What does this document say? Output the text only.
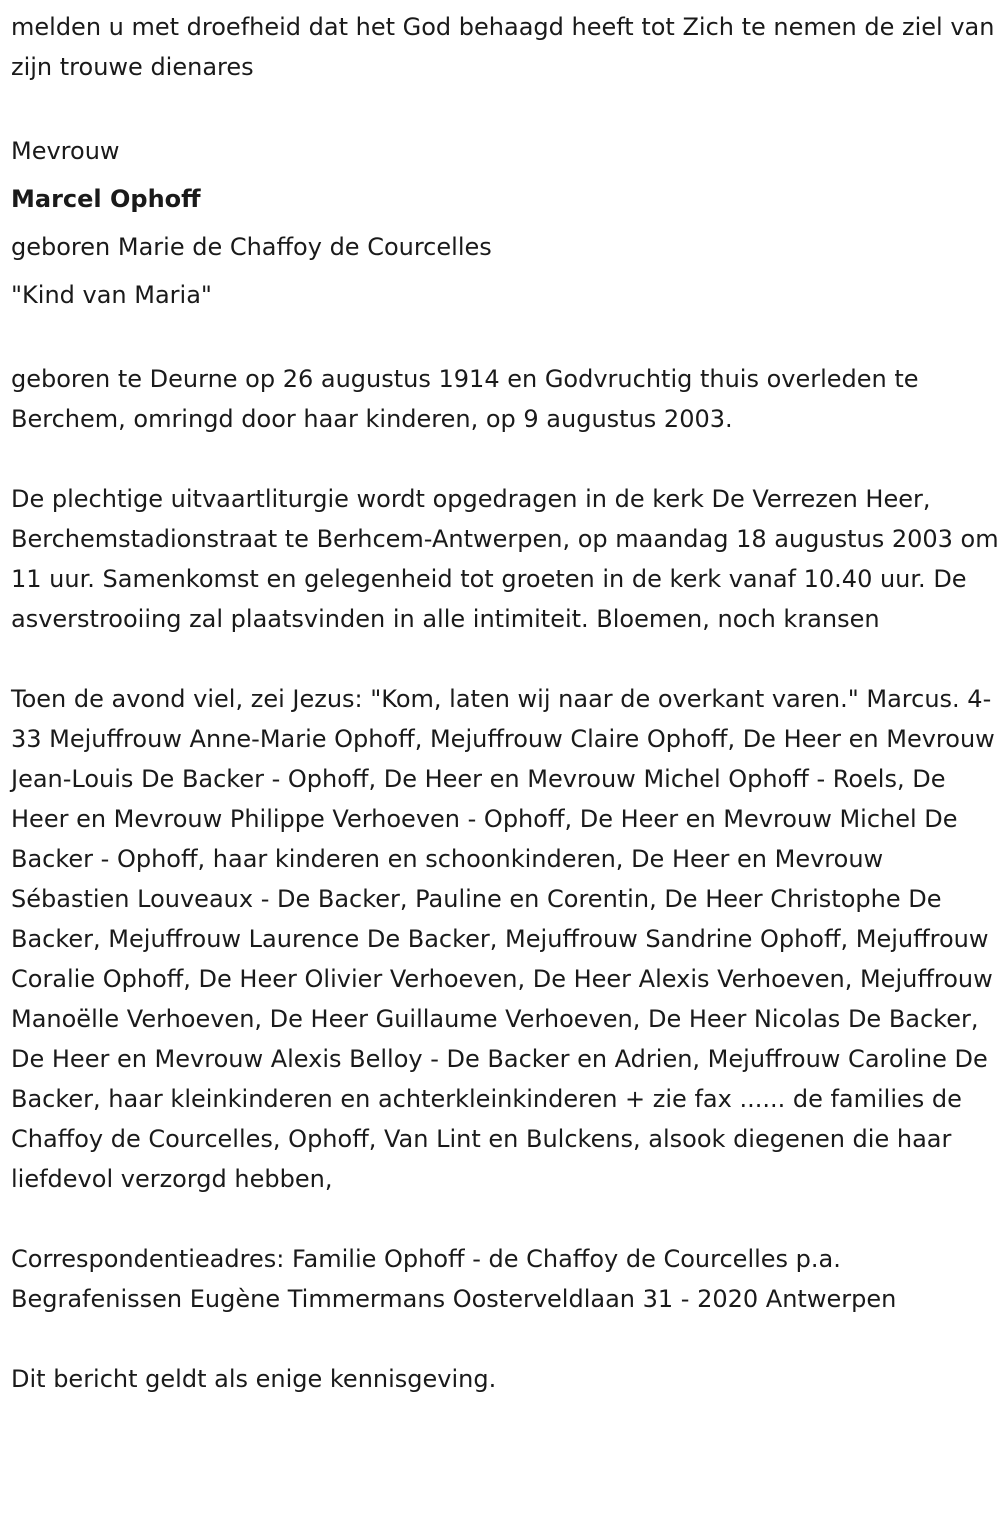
melden u met droefheid dat het God behaagd heeft tot Zich te nemen de ziel van zijn trouwe dienares

Mevrouw

Marcel Ophoff

geboren Marie de Chaffoy de Courcelles

"Kind van Maria"

geboren te Deurne op 26 augustus 1914 en Godvruchtig thuis overleden te Berchem, omringd door haar kinderen, op 9 augustus 2003.

De plechtige uitvaartliturgie wordt opgedragen in de kerk De Verrezen Heer, Berchemstadionstraat te Berhcem-Antwerpen, op maandag 18 augustus 2003 om 11 uur. Samenkomst en gelegenheid tot groeten in de kerk vanaf 10.40 uur. De asverstrooiing zal plaatsvinden in alle intimiteit. Bloemen, noch kransen

Toen de avond viel, zei Jezus: "Kom, laten wij naar de overkant varen." Marcus. 4-33 Mejuffrouw Anne-Marie Ophoff, Mejuffrouw Claire Ophoff, De Heer en Mevrouw Jean-Louis De Backer - Ophoff, De Heer en Mevrouw Michel Ophoff - Roels, De Heer en Mevrouw Philippe Verhoeven - Ophoff, De Heer en Mevrouw Michel De Backer - Ophoff, haar kinderen en schoonkinderen, De Heer en Mevrouw Sébastien Louveaux - De Backer, Pauline en Corentin, De Heer Christophe De Backer, Mejuffrouw Laurence De Backer, Mejuffrouw Sandrine Ophoff, Mejuffrouw Coralie Ophoff, De Heer Olivier Verhoeven, De Heer Alexis Verhoeven, Mejuffrouw Manoëlle Verhoeven, De Heer Guillaume Verhoeven, De Heer Nicolas De Backer, De Heer en Mevrouw Alexis Belloy - De Backer en Adrien, Mejuffrouw Caroline De Backer, haar kleinkinderen en achterkleinkinderen + zie fax ...... de families de Chaffoy de Courcelles, Ophoff, Van Lint en Bulckens, alsook diegenen die haar liefdevol verzorgd hebben,

Correspondentieadres: Familie Ophoff - de Chaffoy de Courcelles p.a. Begrafenissen Eugène Timmermans Oosterveldlaan 31 - 2020 Antwerpen

Dit bericht geldt als enige kennisgeving.
